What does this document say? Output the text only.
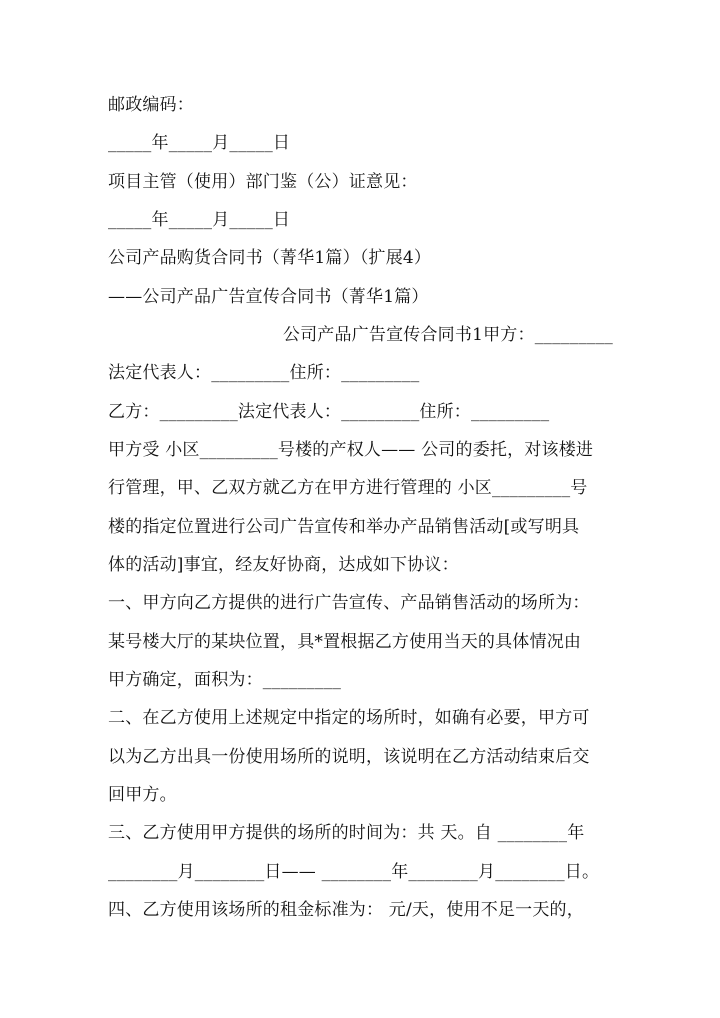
邮政编码：
_____年_____月_____日
项目主管（使用）部门鉴（公）证意见：
_____年_____月_____日
公司产品购货合同书（菁华1篇）（扩展4）
——公司产品广告宣传合同书（菁华1篇）
公司产品广告宣传合同书1甲方：_________
法定代表人：_________住所：_________
乙方：_________法定代表人：_________住所：_________
甲方受 小区_________号楼的产权人—— 公司的委托，对该楼进
行管理，甲、乙双方就乙方在甲方进行管理的 小区_________号
楼的指定位置进行公司广告宣传和举办产品销售活动[或写明具
体的活动]事宜，经友好协商，达成如下协议：
一、甲方向乙方提供的进行广告宣传、产品销售活动的场所为：
某号楼大厅的某块位置，具*置根据乙方使用当天的具体情况由
甲方确定，面积为：_________
二、在乙方使用上述规定中指定的场所时，如确有必要，甲方可
以为乙方出具一份使用场所的说明，该说明在乙方活动结束后交
回甲方。
三、乙方使用甲方提供的场所的时间为：共 天。自 ________年
________月________日—— ________年________月________日。
四、乙方使用该场所的租金标准为： 元/天，使用不足一天的，
